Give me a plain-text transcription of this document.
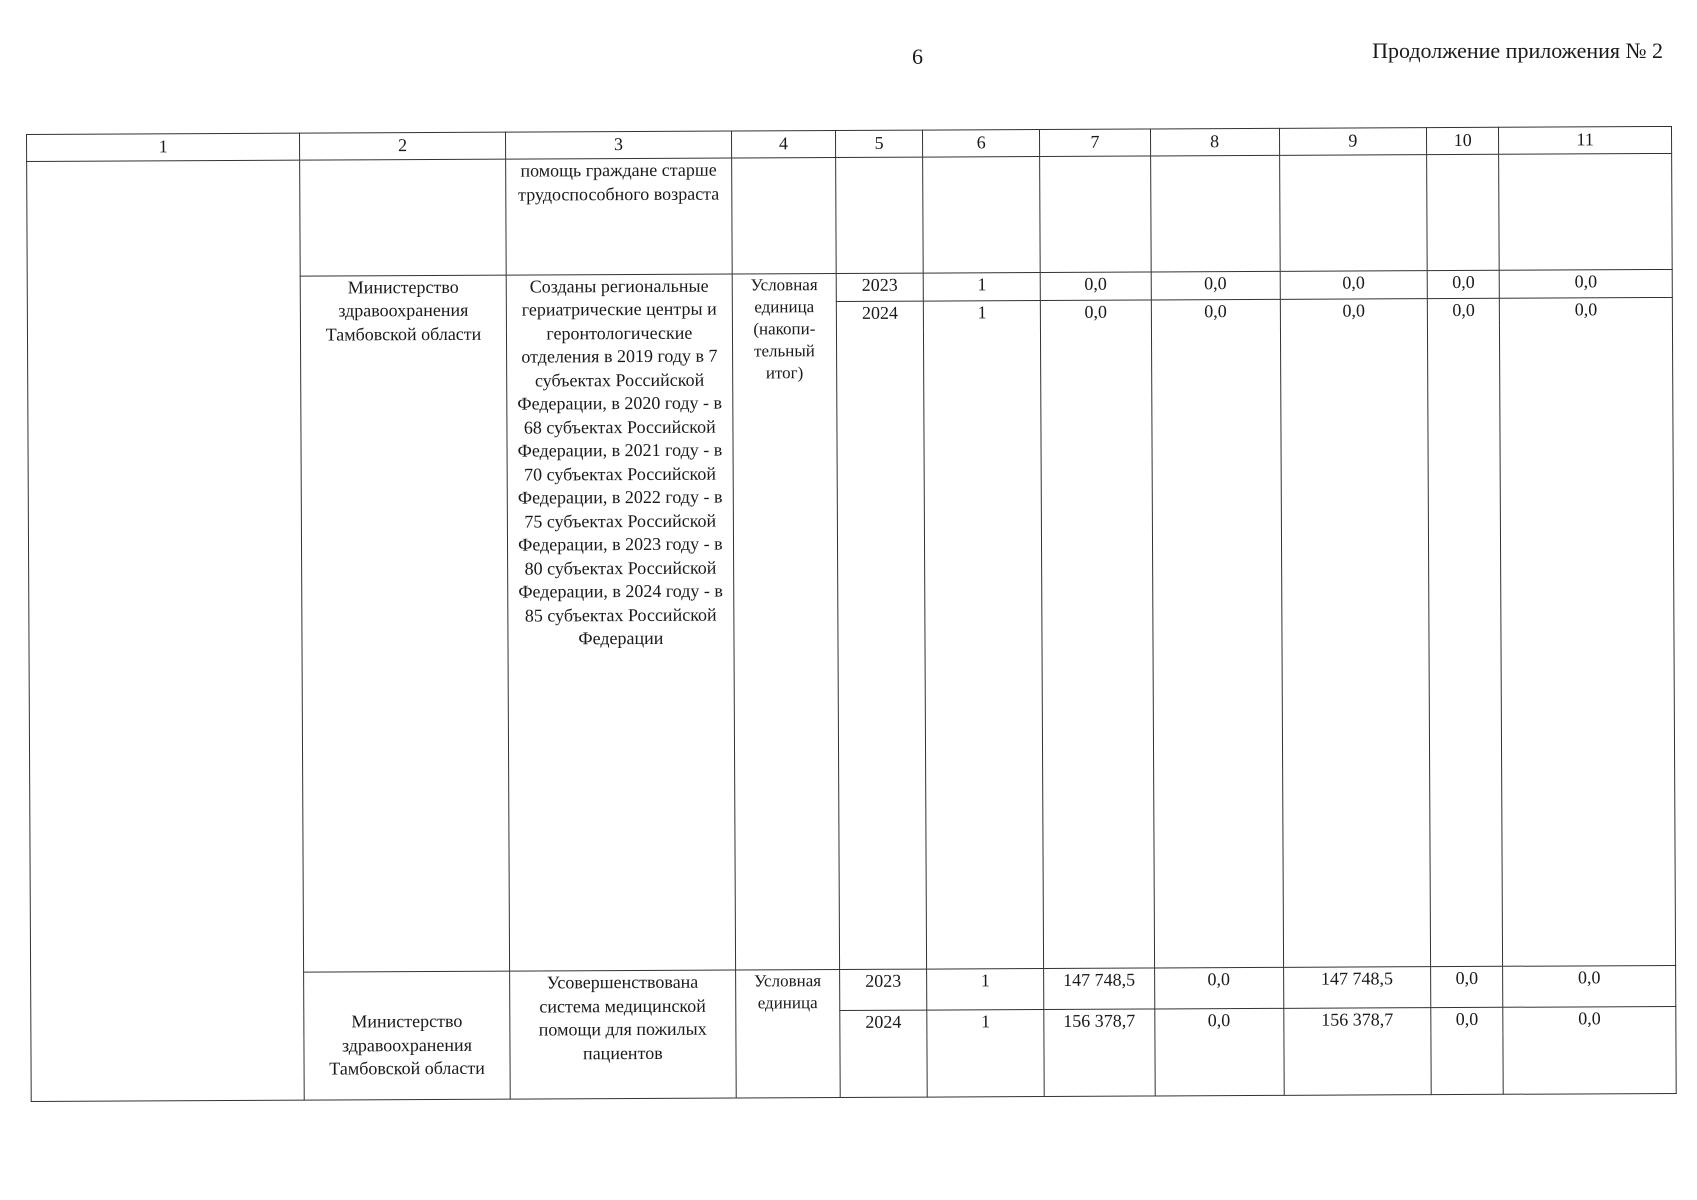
6	Продолжение приложения № 2
1	2	3	4	5	6	7	8	9	10	11
		помощь граждане старше трудоспособного возраста								
	Министерство здравоохранения Тамбовской области	Созданы региональные гериатрические центры и геронтологические отделения в 2019 году в 7 субъектах Российской Федерации, в 2020 году - в 68 субъектах Российской Федерации, в 2021 году - в 70 субъектах Российской Федерации, в 2022 году - в 75 субъектах Российской Федерации, в 2023 году - в 80 субъектах Российской Федерации, в 2024 году - в 85 субъектах Российской Федерации	Условная единица (накопи-тельный итог)	2023	1	0,0	0,0	0,0	0,0	0,0
				2024	1	0,0	0,0	0,0	0,0	0,0

	Министерство здравоохранения Тамбовской области	Усовершенствована система медицинской помощи для пожилых пациентов	Условная единица	2023	1	147 748,5	0,0	147 748,5	0,0	0,0
				2024	1	156 378,7	0,0	156 378,7	0,0	0,0
